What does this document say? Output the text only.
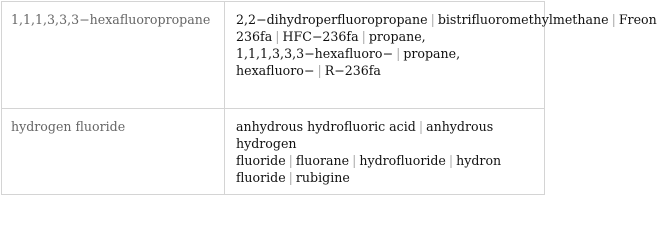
1,1,1,3,3,3−hexafluoropropane	2,2−dihydroperfluoropropane | bistrifluoromethylmethane | Freon 236fa | HFC−236fa | propane, 1,1,1,3,3,3−hexafluoro− | propane, hexafluoro− | R−236fa
hydrogen fluoride	anhydrous hydrofluoric acid | anhydrous hydrogen fluoride | fluorane | hydrofluoride | hydron fluoride | rubigine
